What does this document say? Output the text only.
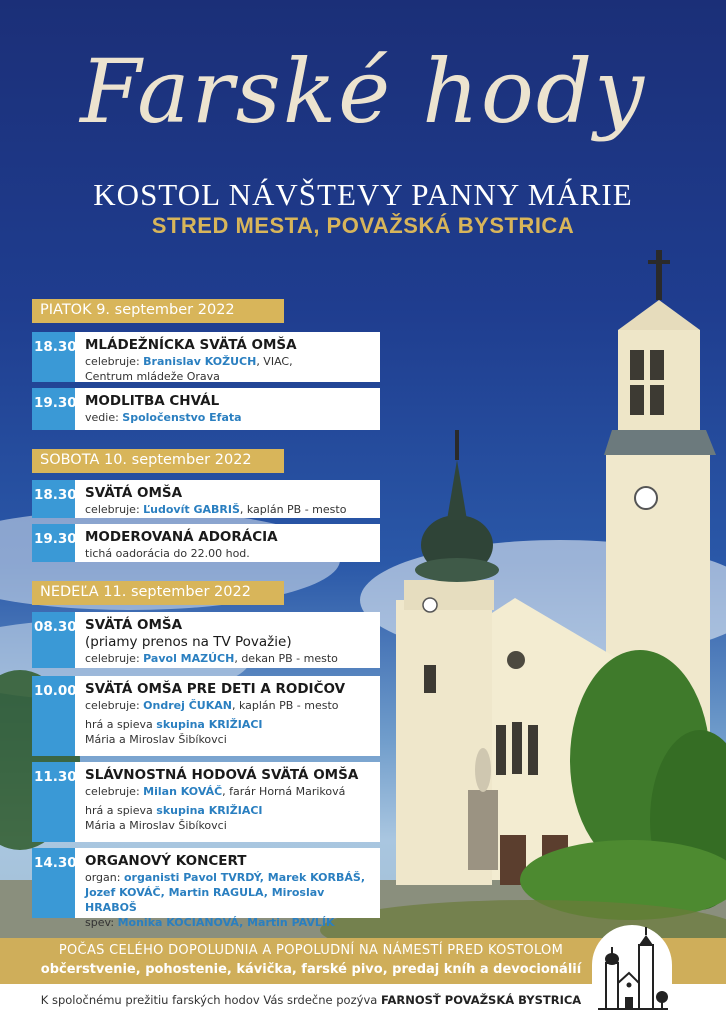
Farské hody
KOSTOL NÁVŠTEVY PANNY MÁRIE
STRED MESTA, POVAŽSKÁ BYSTRICA
PIATOK 9. september 2022
18.30 MLÁDEŽNÍCKA SVÄTÁ OMŠA
celebruje: Branislav KOŽUCH, VIAC,
Centrum mládeže Orava
19.30 MODLITBA CHVÁL
vedie: Spoločenstvo Efata
SOBOTA 10. september 2022
18.30 SVÄTÁ OMŠA
celebruje: Ľudovít GABRIŠ, kaplán PB - mesto
19.30 MODEROVANÁ ADORÁCIA
tichá oadorácia do 22.00 hod.
NEDEĽA 11. september 2022
08.30 SVÄTÁ OMŠA
(priamy prenos na TV Považie)
celebruje: Pavol MAZÚCH, dekan PB - mesto
10.00 SVÄTÁ OMŠA PRE DETI A RODIČOV
celebruje: Ondrej ČUKAN, kaplán PB - mesto
hrá a spieva skupina KRIŽIACI
Mária a Miroslav Šibíkovci
11.30 SLÁVNOSTNÁ HODOVÁ SVÄTÁ OMŠA
celebruje: Milan KOVÁČ, farár Horná Mariková
hrá a spieva skupina KRIŽIACI
Mária a Miroslav Šibíkovci
14.30 ORGANOVÝ KONCERT
organ: organisti Pavol TVRDÝ, Marek KORBÁŠ,
Jozef KOVÁČ, Martin RAGULA, Miroslav HRABOŠ
spev: Monika KOCIANOVÁ, Martin PAVLÍK
POČAS CELÉHO DOPOLUDNIA A POPOLUDNÍ NA NÁMESTÍ PRED KOSTOLOM
občerstvenie, pohostenie, kávička, farské pivo, predaj kníh a devocionálií
K spoločnému prežitiu farských hodov Vás srdečne pozýva FARNOSŤ POVAŽSKÁ BYSTRICA
